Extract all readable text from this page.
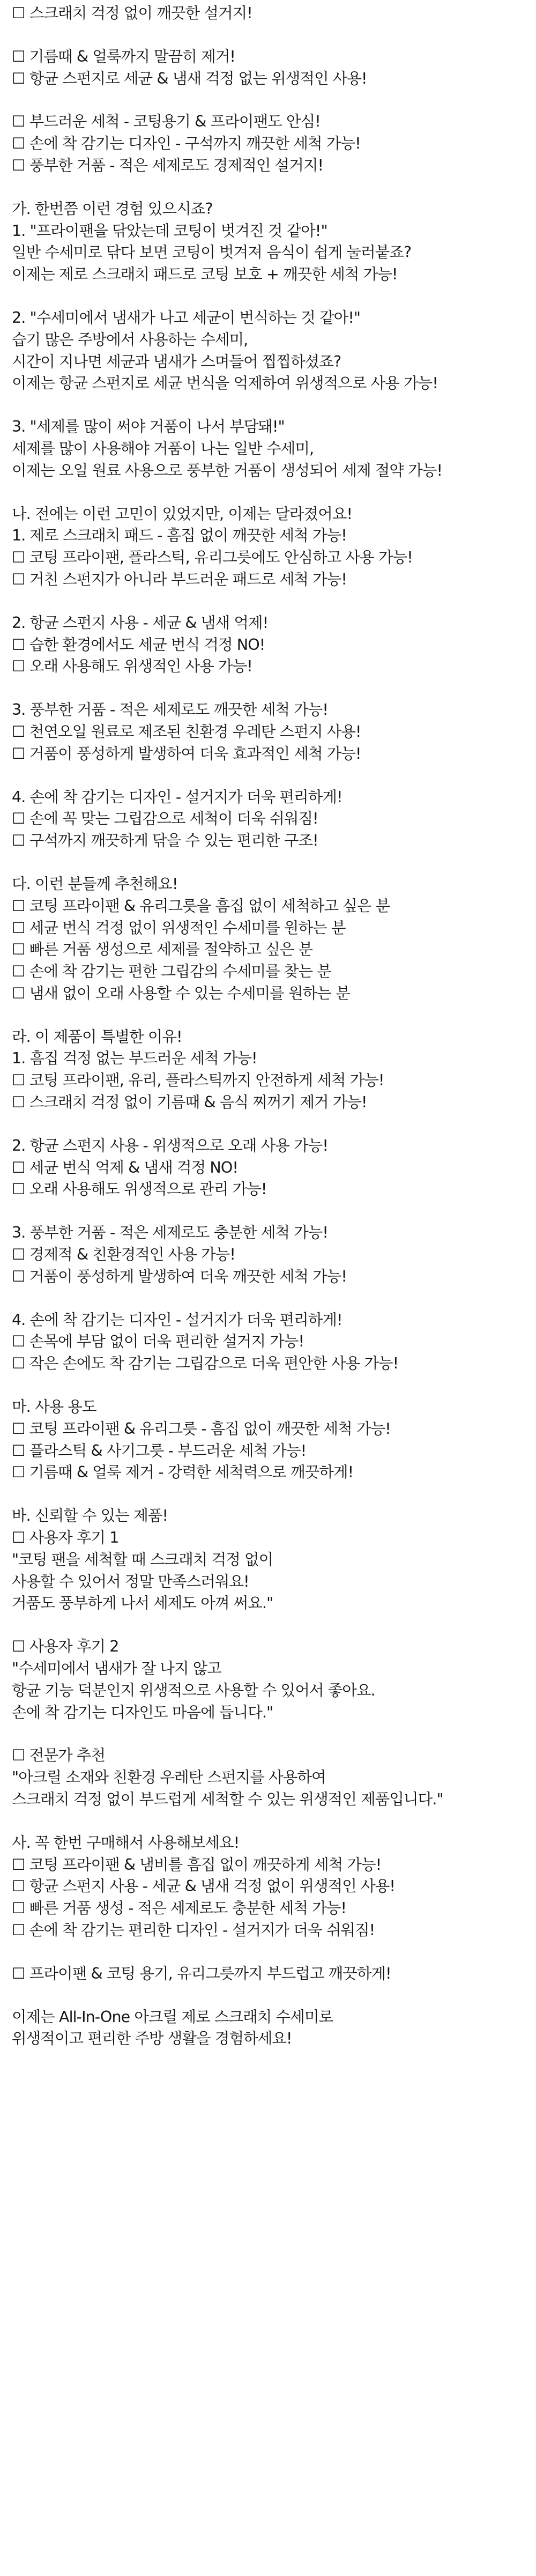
☐ 스크래치 걱정 없이 깨끗한 설거지!
☐ 기름때 & 얼룩까지 말끔히 제거!
☐ 항균 스펀지로 세균 & 냄새 걱정 없는 위생적인 사용!
☐ 부드러운 세척 - 코팅용기 & 프라이팬도 안심!
☐ 손에 착 감기는 디자인 - 구석까지 깨끗한 세척 가능!
☐ 풍부한 거품 - 적은 세제로도 경제적인 설거지!
가. 한번쯤 이런 경험 있으시죠?
1. "프라이팬을 닦았는데 코팅이 벗겨진 것 같아!"
일반 수세미로 닦다 보면 코팅이 벗겨져 음식이 쉽게 눌러붙죠?
이제는 제로 스크래치 패드로 코팅 보호 + 깨끗한 세척 가능!
2. "수세미에서 냄새가 나고 세균이 번식하는 것 같아!"
습기 많은 주방에서 사용하는 수세미,
시간이 지나면 세균과 냄새가 스며들어 찝찝하셨죠?
이제는 항균 스펀지로 세균 번식을 억제하여 위생적으로 사용 가능!
3. "세제를 많이 써야 거품이 나서 부담돼!"
세제를 많이 사용해야 거품이 나는 일반 수세미,
이제는 오일 원료 사용으로 풍부한 거품이 생성되어 세제 절약 가능!
나. 전에는 이런 고민이 있었지만, 이제는 달라졌어요!
1. 제로 스크래치 패드 - 흠집 없이 깨끗한 세척 가능!
☐ 코팅 프라이팬, 플라스틱, 유리그릇에도 안심하고 사용 가능!
☐ 거친 스펀지가 아니라 부드러운 패드로 세척 가능!
2. 항균 스펀지 사용 - 세균 & 냄새 억제!
☐ 습한 환경에서도 세균 번식 걱정 NO!
☐ 오래 사용해도 위생적인 사용 가능!
3. 풍부한 거품 - 적은 세제로도 깨끗한 세척 가능!
☐ 천연오일 원료로 제조된 친환경 우레탄 스펀지 사용!
☐ 거품이 풍성하게 발생하여 더욱 효과적인 세척 가능!
4. 손에 착 감기는 디자인 - 설거지가 더욱 편리하게!
☐ 손에 꼭 맞는 그립감으로 세척이 더욱 쉬워짐!
☐ 구석까지 깨끗하게 닦을 수 있는 편리한 구조!
다. 이런 분들께 추천해요!
☐ 코팅 프라이팬 & 유리그릇을 흠집 없이 세척하고 싶은 분
☐ 세균 번식 걱정 없이 위생적인 수세미를 원하는 분
☐ 빠른 거품 생성으로 세제를 절약하고 싶은 분
☐ 손에 착 감기는 편한 그립감의 수세미를 찾는 분
☐ 냄새 없이 오래 사용할 수 있는 수세미를 원하는 분
라. 이 제품이 특별한 이유!
1. 흠집 걱정 없는 부드러운 세척 가능!
☐ 코팅 프라이팬, 유리, 플라스틱까지 안전하게 세척 가능!
☐ 스크래치 걱정 없이 기름때 & 음식 찌꺼기 제거 가능!
2. 항균 스펀지 사용 - 위생적으로 오래 사용 가능!
☐ 세균 번식 억제 & 냄새 걱정 NO!
☐ 오래 사용해도 위생적으로 관리 가능!
3. 풍부한 거품 - 적은 세제로도 충분한 세척 가능!
☐ 경제적 & 친환경적인 사용 가능!
☐ 거품이 풍성하게 발생하여 더욱 깨끗한 세척 가능!
4. 손에 착 감기는 디자인 - 설거지가 더욱 편리하게!
☐ 손목에 부담 없이 더욱 편리한 설거지 가능!
☐ 작은 손에도 착 감기는 그립감으로 더욱 편안한 사용 가능!
마. 사용 용도
☐ 코팅 프라이팬 & 유리그릇 - 흠집 없이 깨끗한 세척 가능!
☐ 플라스틱 & 사기그릇 - 부드러운 세척 가능!
☐ 기름때 & 얼룩 제거 - 강력한 세척력으로 깨끗하게!
바. 신뢰할 수 있는 제품!
☐ 사용자 후기 1
"코팅 팬을 세척할 때 스크래치 걱정 없이
사용할 수 있어서 정말 만족스러워요!
거품도 풍부하게 나서 세제도 아껴 써요."
☐ 사용자 후기 2
"수세미에서 냄새가 잘 나지 않고
항균 기능 덕분인지 위생적으로 사용할 수 있어서 좋아요.
손에 착 감기는 디자인도 마음에 듭니다."
☐ 전문가 추천
"아크릴 소재와 친환경 우레탄 스펀지를 사용하여
스크래치 걱정 없이 부드럽게 세척할 수 있는 위생적인 제품입니다."
사. 꼭 한번 구매해서 사용해보세요!
☐ 코팅 프라이팬 & 냄비를 흠집 없이 깨끗하게 세척 가능!
☐ 항균 스펀지 사용 - 세균 & 냄새 걱정 없이 위생적인 사용!
☐ 빠른 거품 생성 - 적은 세제로도 충분한 세척 가능!
☐ 손에 착 감기는 편리한 디자인 - 설거지가 더욱 쉬워짐!
☐ 프라이팬 & 코팅 용기, 유리그릇까지 부드럽고 깨끗하게!
이제는 All-In-One 아크릴 제로 스크래치 수세미로
위생적이고 편리한 주방 생활을 경험하세요!
